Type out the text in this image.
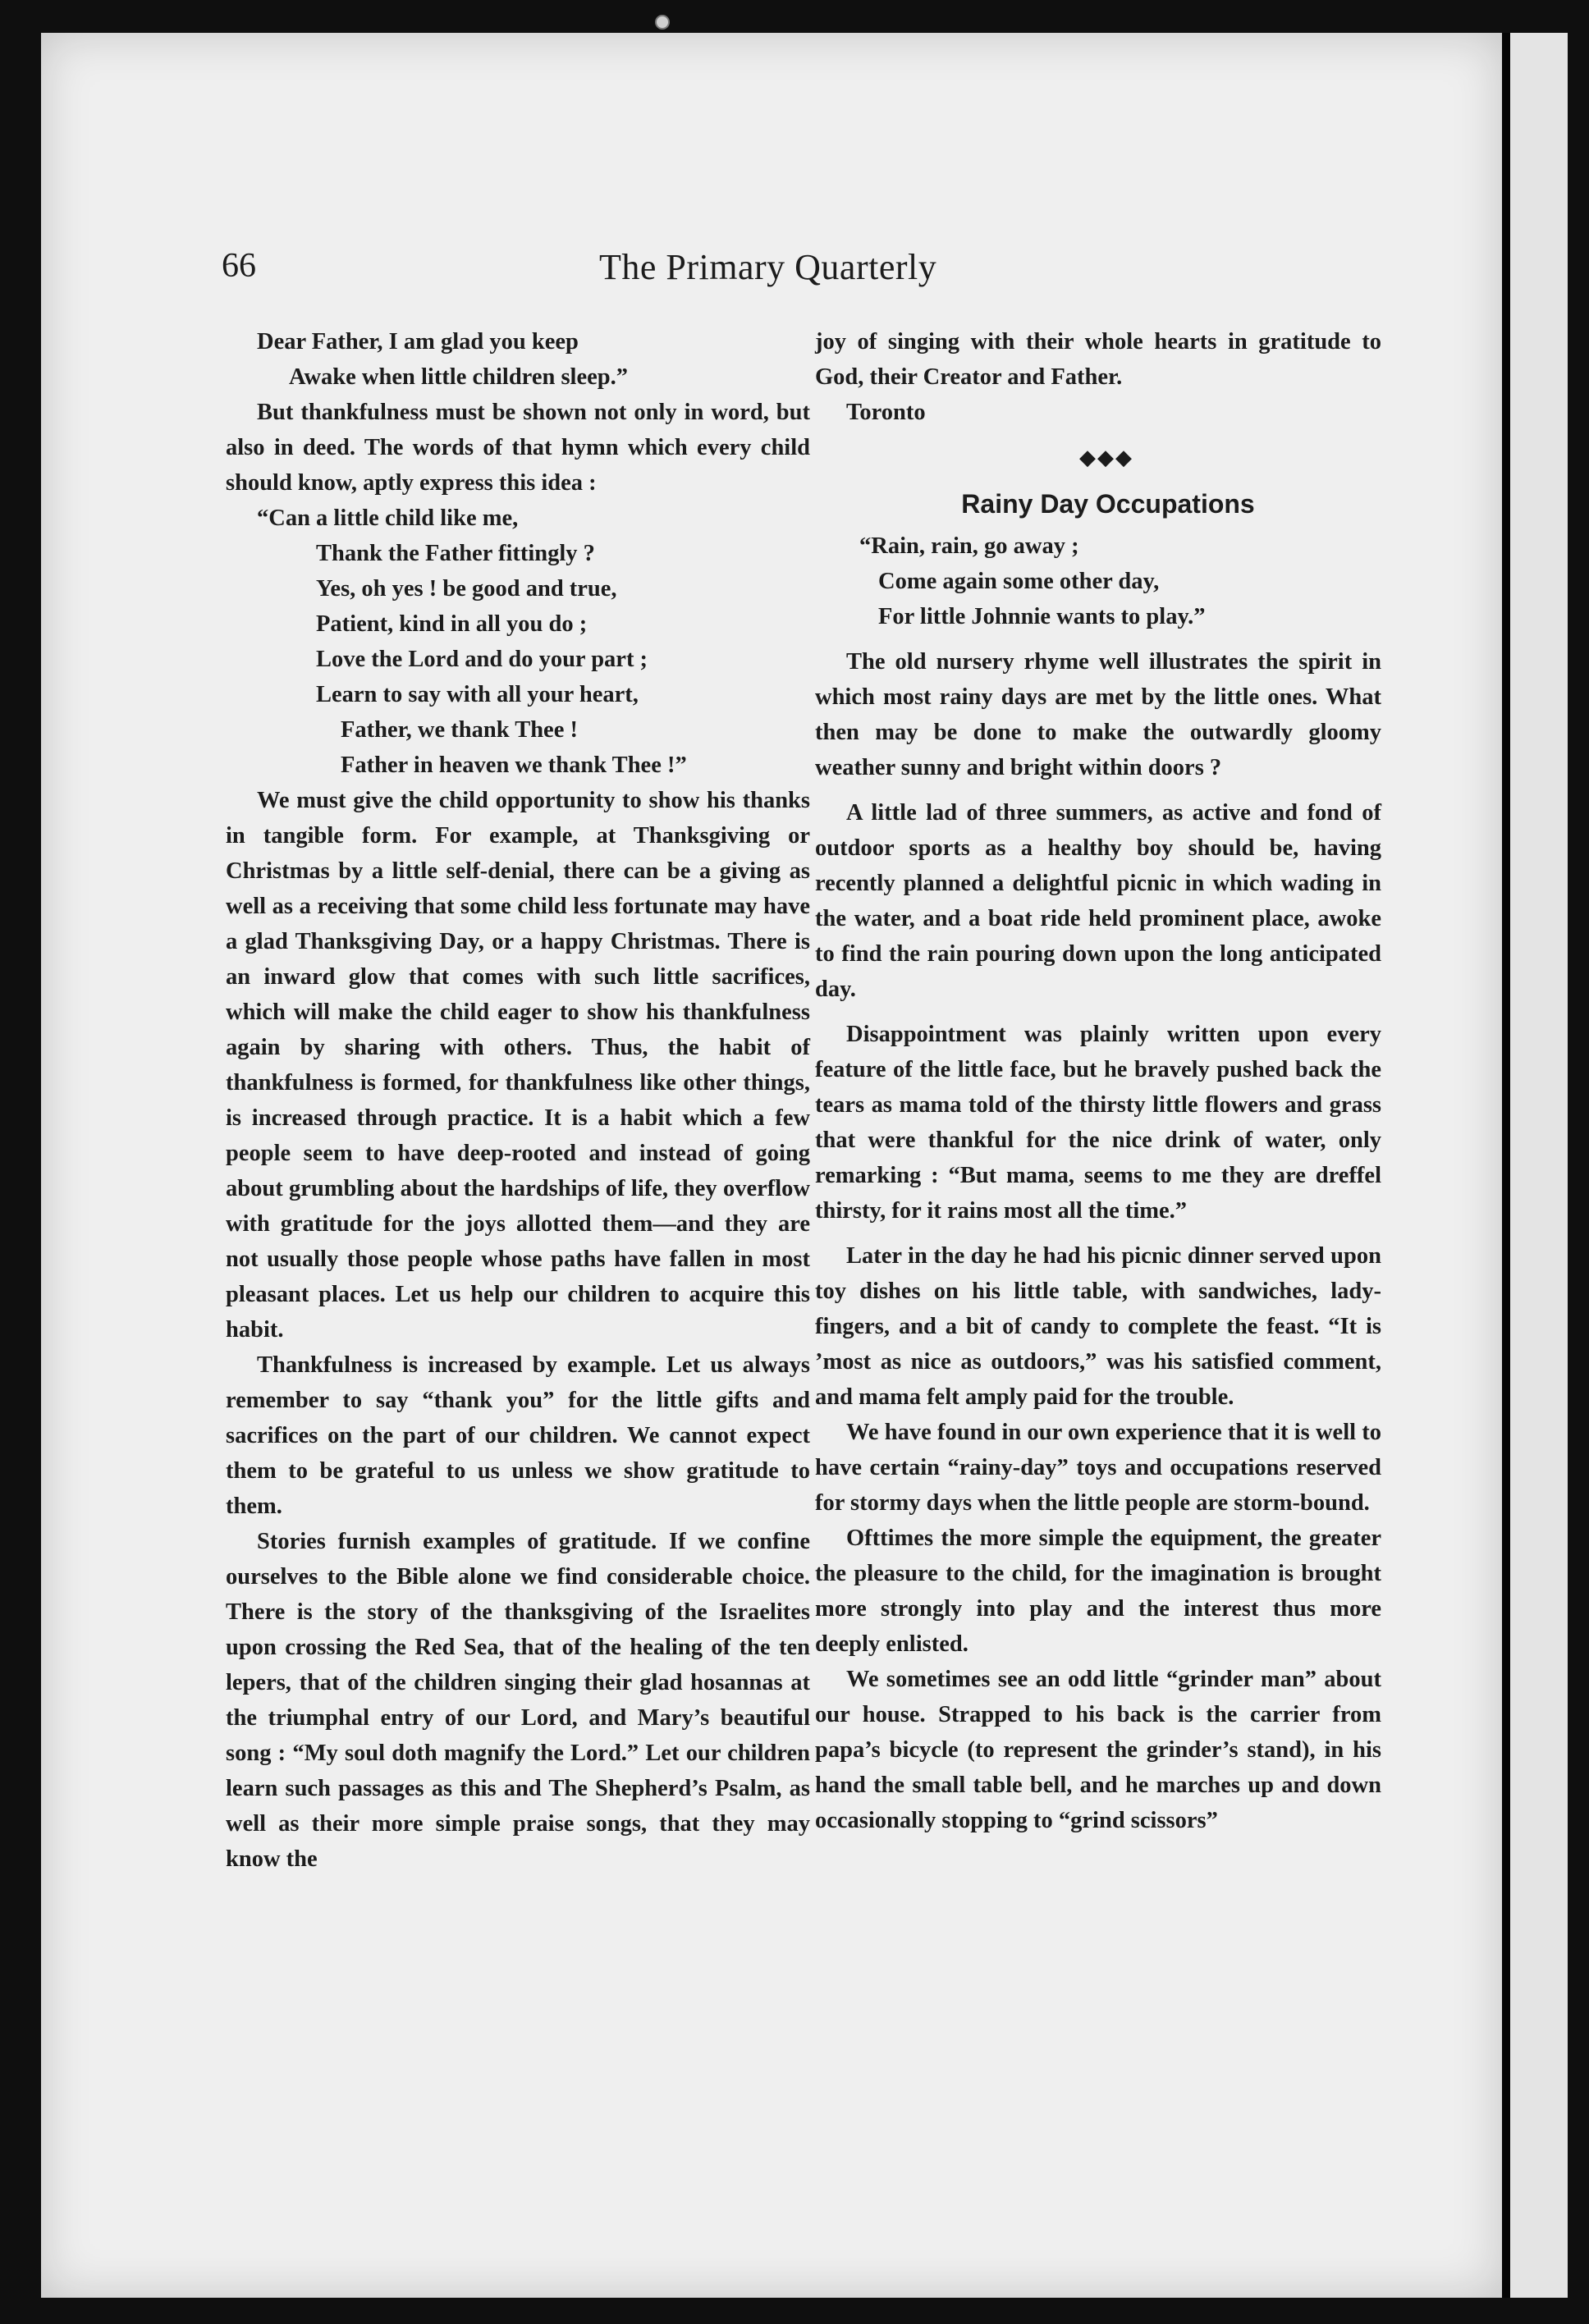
66	The Primary Quarterly
Dear Father, I am glad you keep
Awake when little children sleep.”

But thankfulness must be shown not only in word, but also in deed. The words of that hymn which every child should know, aptly express this idea :

“Can a little child like me,
Thank the Father fittingly ?
Yes, oh yes ! be good and true,
Patient, kind in all you do ;
Love the Lord and do your part ;
Learn to say with all your heart,
Father, we thank Thee !
Father in heaven we thank Thee !”

We must give the child opportunity to show his thanks in tangible form. For example, at Thanksgiving or Christmas by a little self-denial, there can be a giving as well as a receiving that some child less fortunate may have a glad Thanksgiving Day, or a happy Christmas. There is an inward glow that comes with such little sacrifices, which will make the child eager to show his thankfulness again by sharing with others. Thus, the habit of thankfulness is formed, for thankfulness like other things, is increased through practice. It is a habit which a few people seem to have deep-rooted and instead of going about grumbling about the hardships of life, they overflow with gratitude for the joys allotted them—and they are not usually those people whose paths have fallen in most pleasant places. Let us help our children to acquire this habit.

Thankfulness is increased by example. Let us always remember to say “thank you” for the little gifts and sacrifices on the part of our children. We cannot expect them to be grateful to us unless we show gratitude to them.

Stories furnish examples of gratitude. If we confine ourselves to the Bible alone we find considerable choice. There is the story of the thanksgiving of the Israelites upon crossing the Red Sea, that of the healing of the ten lepers, that of the children singing their glad hosannas at the triumphal entry of our Lord, and Mary’s beautiful song : “My soul doth magnify the Lord.” Let our children learn such passages as this and The Shepherd’s Psalm, as well as their more simple praise songs, that they may know the

joy of singing with their whole hearts in gratitude to God, their Creator and Father.

Toronto
◆◆◆
Rainy Day Occupations
“Rain, rain, go away ;
Come again some other day,
For little Johnnie wants to play.”

The old nursery rhyme well illustrates the spirit in which most rainy days are met by the little ones. What then may be done to make the outwardly gloomy weather sunny and bright within doors ?

A little lad of three summers, as active and fond of outdoor sports as a healthy boy should be, having recently planned a delightful picnic in which wading in the water, and a boat ride held prominent place, awoke to find the rain pouring down upon the long anticipated day.

Disappointment was plainly written upon every feature of the little face, but he bravely pushed back the tears as mama told of the thirsty little flowers and grass that were thankful for the nice drink of water, only remarking : “But mama, seems to me they are dreffel thirsty, for it rains most all the time.”

Later in the day he had his picnic dinner served upon toy dishes on his little table, with sandwiches, lady-fingers, and a bit of candy to complete the feast. “It is ’most as nice as outdoors,” was his satisfied comment, and mama felt amply paid for the trouble.

We have found in our own experience that it is well to have certain “rainy-day” toys and occupations reserved for stormy days when the little people are storm-bound.

Ofttimes the more simple the equipment, the greater the pleasure to the child, for the imagination is brought more strongly into play and the interest thus more deeply enlisted.

We sometimes see an odd little “grinder man” about our house. Strapped to his back is the carrier from papa’s bicycle (to represent the grinder’s stand), in his hand the small table bell, and he marches up and down occasionally stopping to “grind scissors”
